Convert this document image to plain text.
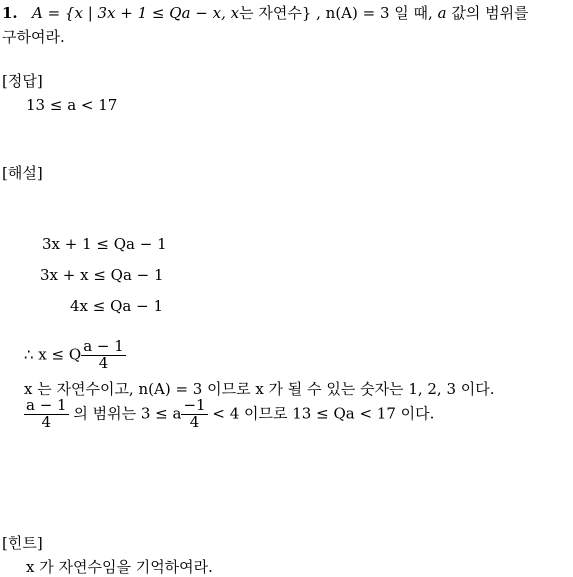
1. A = {x | 3x + 1 ≤ Qa − x, x는 자연수} , n(A) = 3 일 때, a 값의 범위를
구하여라.
[정답]
13 ≤ a < 17
[해설]
3x + 1 ≤ Qa − 1
3x + x ≤ Qa − 1
4x ≤ Qa − 1
∴ x ≤ Q $\frac{a - 1}{4}$
x 는 자연수이고, n(A) = 3 이므로 x 가 될 수 있는 숫자는 1, 2, 3 이다.
$\frac{a - 1}{4}$ 의 범위는 3 ≤ a $\frac{-1}{4} < 4$ 이므로 13 ≤ Qa < 17 이다.
[힌트]
x 가 자연수임을 기억하여라.
